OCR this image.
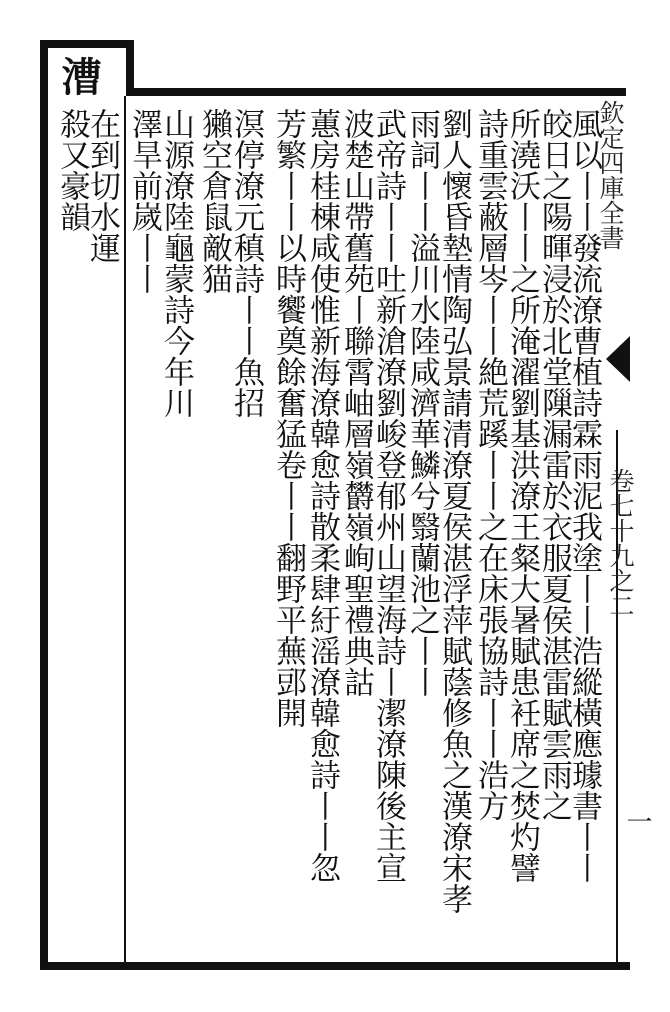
欽定四庫全書
卷七十九之二
一
漕
在到切水運
殺又豪韻	風以丨丨發流潦曹植詩霖雨泥我塗丨丨浩縱橫應璩書丨丨
皎日之陽暉浸於北堂隟漏雷於衣服夏侯湛雷賦雲雨之
所澆沃丨丨之所淹濯劉基洪潦王粲大暑賦患衽席之焚灼譬
詩重雲蔽層岑丨丨絶荒蹊丨丨之在床張協詩丨丨浩方
劉人懷昏墊情陶弘景請清潦夏侯湛浮萍賦蔭修魚之漢潦宋孝
雨詞丨丨溢川水陸咸濟華鱗兮翳蘭池之丨丨
武帝詩丨丨吐新滄潦劉峻登郁州山望海詩丨潔潦陳後主宣
波楚山帶舊苑丨聯霄岫層嶺欝嶺峋聖禮典詁
蕙房桂棟咸使惟新海潦韓愈詩散柔肆紆滛潦韓愈詩丨丨忽
芳繁丨丨以時饗奠餘奮猛卷丨丨翻野平蕪郖開
溟停潦元稹詩丨丨魚招
獺空倉鼠敵猫
山源潦陸龜蒙詩今年川
澤旱前嵗丨丨
